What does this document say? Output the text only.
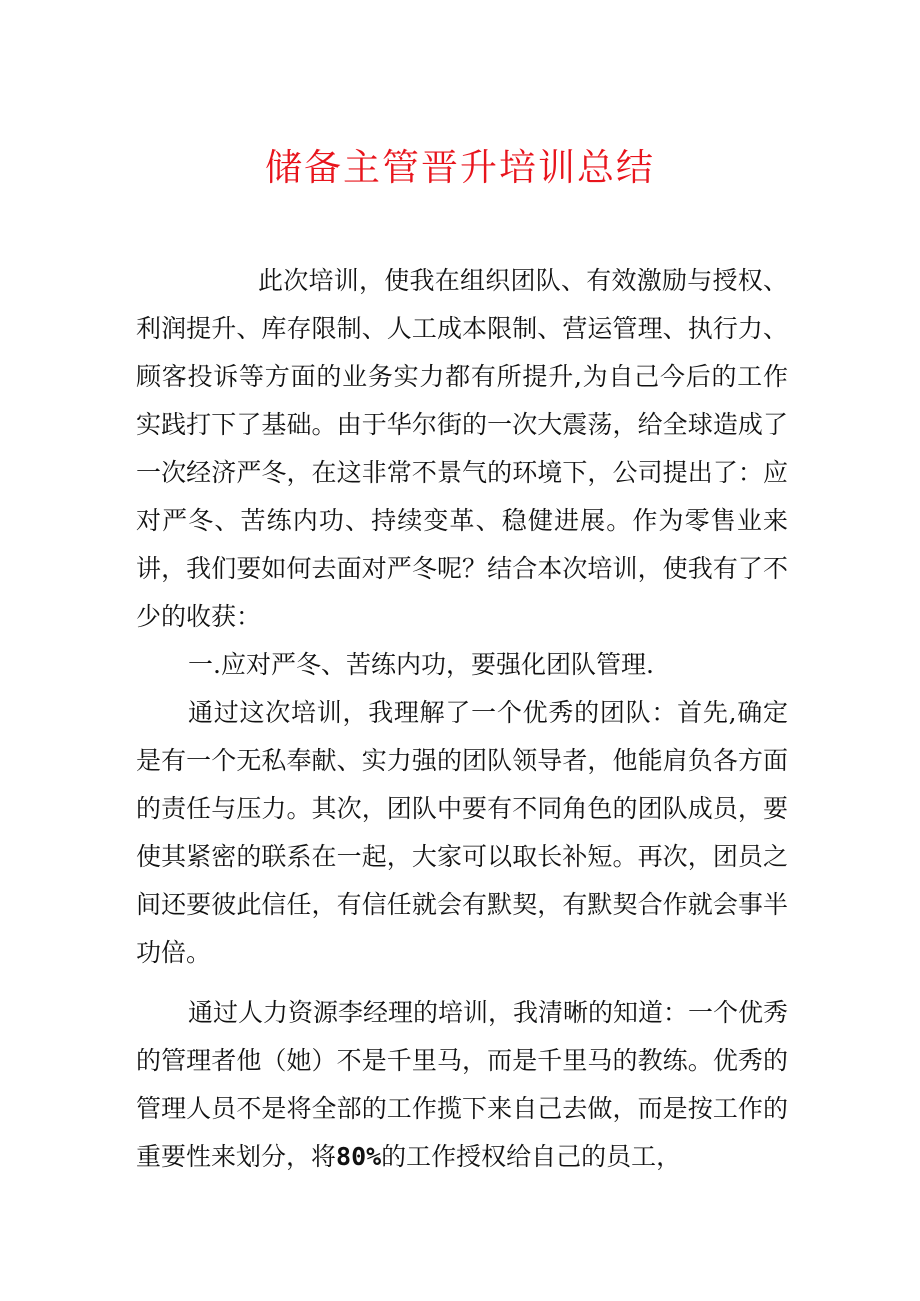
储备主管晋升培训总结

此次培训，使我在组织团队、有效激励与授权、利润提升、库存限制、人工成本限制、营运管理、执行力、顾客投诉等方面的业务实力都有所提升,为自己今后的工作实践打下了基础。由于华尔街的一次大震荡，给全球造成了一次经济严冬，在这非常不景气的环境下，公司提出了：应对严冬、苦练内功、持续变革、稳健进展。作为零售业来讲，我们要如何去面对严冬呢？结合本次培训，使我有了不少的收获：

一.应对严冬、苦练内功，要强化团队管理.

通过这次培训，我理解了一个优秀的团队：首先,确定是有一个无私奉献、实力强的团队领导者，他能肩负各方面的责任与压力。其次，团队中要有不同角色的团队成员，要使其紧密的联系在一起，大家可以取长补短。再次，团员之间还要彼此信任，有信任就会有默契，有默契合作就会事半功倍。

通过人力资源李经理的培训，我清晰的知道：一个优秀的管理者他（她）不是千里马，而是千里马的教练。优秀的管理人员不是将全部的工作揽下来自己去做，而是按工作的重要性来划分，将80%的工作授权给自己的员工，
